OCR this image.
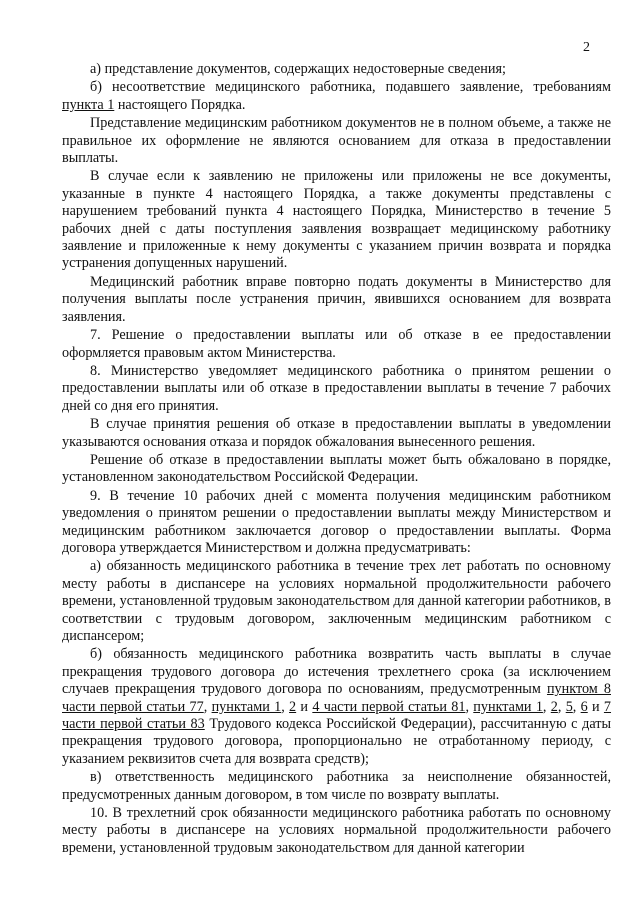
2

а) представление документов, содержащих недостоверные сведения;

б) несоответствие медицинского работника, подавшего заявление, требованиям пункта 1 настоящего Порядка.

Представление медицинским работником документов не в полном объеме, а также не правильное их оформление не являются основанием для отказа в предоставлении выплаты.

В случае если к заявлению не приложены или приложены не все документы, указанные в пункте 4 настоящего Порядка, а также документы представлены с нарушением требований пункта 4 настоящего Порядка, Министерство в течение 5 рабочих дней с даты поступления заявления возвращает медицинскому работнику заявление и приложенные к нему документы с указанием причин возврата и порядка устранения допущенных нарушений.

Медицинский работник вправе повторно подать документы в Министерство для получения выплаты после устранения причин, явившихся основанием для возврата заявления.

7. Решение о предоставлении выплаты или об отказе в ее предоставлении оформляется правовым актом Министерства.

8. Министерство уведомляет медицинского работника о принятом решении о предоставлении выплаты или об отказе в предоставлении выплаты в течение 7 рабочих дней со дня его принятия.

В случае принятия решения об отказе в предоставлении выплаты в уведомлении указываются основания отказа и порядок обжалования вынесенного решения.

Решение об отказе в предоставлении выплаты может быть обжаловано в порядке, установленном законодательством Российской Федерации.

9. В течение 10 рабочих дней с момента получения медицинским работником уведомления о принятом решении о предоставлении выплаты между Министерством и медицинским работником заключается договор о предоставлении выплаты. Форма договора утверждается Министерством и должна предусматривать:

а) обязанность медицинского работника в течение трех лет работать по основному месту работы в диспансере на условиях нормальной продолжительности рабочего времени, установленной трудовым законодательством для данной категории работников, в соответствии с трудовым договором, заключенным медицинским работником с диспансером;

б) обязанность медицинского работника возвратить часть выплаты в случае прекращения трудового договора до истечения трехлетнего срока (за исключением случаев прекращения трудового договора по основаниям, предусмотренным пунктом 8 части первой статьи 77, пунктами 1, 2 и 4 части первой статьи 81, пунктами 1, 2, 5, 6 и 7 части первой статьи 83 Трудового кодекса Российской Федерации), рассчитанную с даты прекращения трудового договора, пропорционально не отработанному периоду, с указанием реквизитов счета для возврата средств);

в) ответственность медицинского работника за неисполнение обязанностей, предусмотренных данным договором, в том числе по возврату выплаты.

10. В трехлетний срок обязанности медицинского работника работать по основному месту работы в диспансере на условиях нормальной продолжительности рабочего времени, установленной трудовым законодательством для данной категории
